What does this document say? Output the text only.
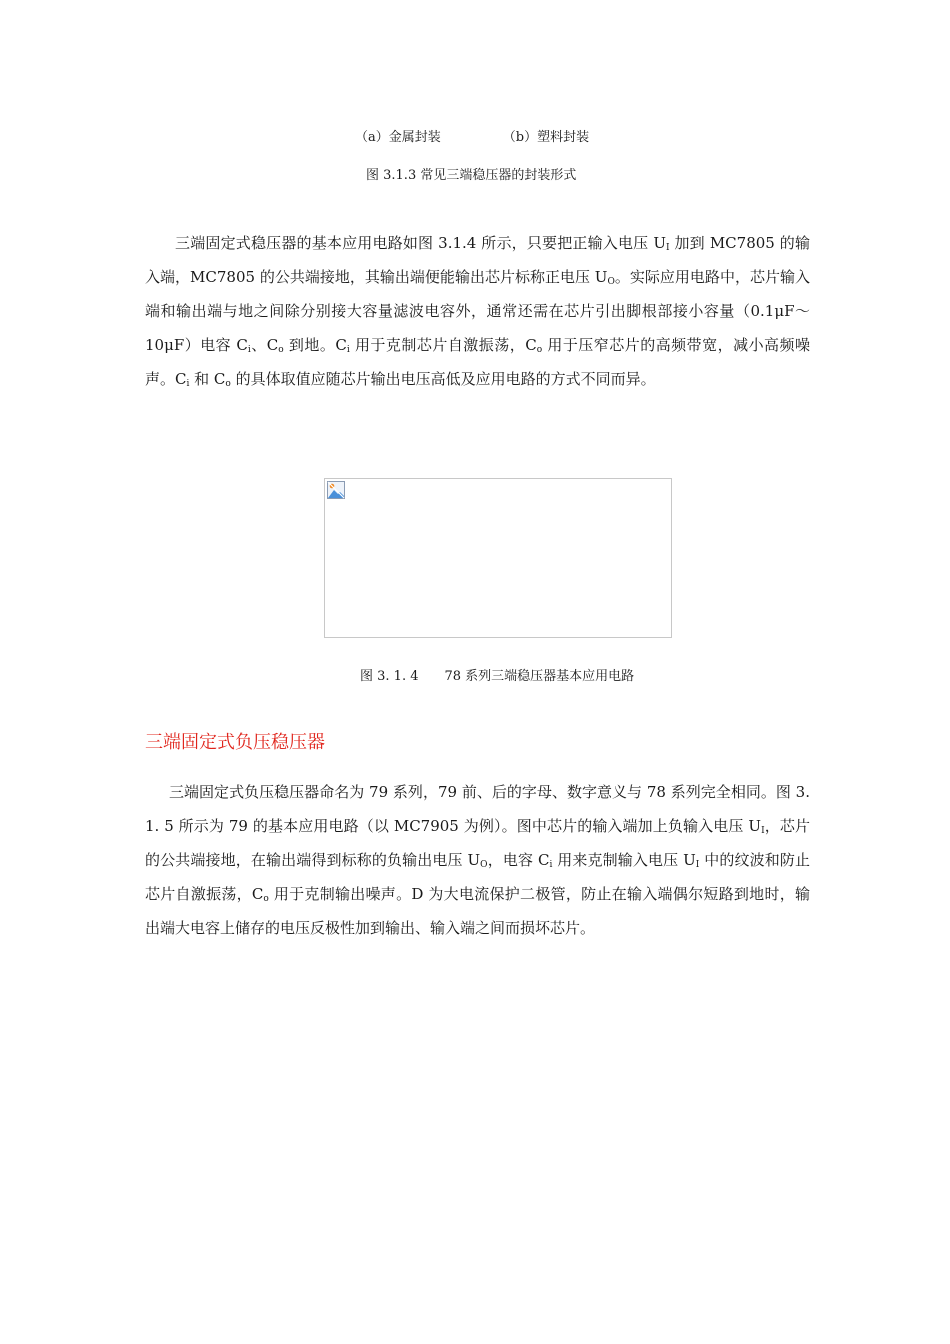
（a）金属封装	（b）塑料封装
图 3.1.3 常见三端稳压器的封装形式
三端固定式稳压器的基本应用电路如图 3.1.4 所示，只要把正输入电压 $U_I$ 加到 MC7805 的输入端，MC7805 的公共端接地，其输出端便能输出芯片标称正电压 $U_O$。实际应用电路中，芯片输入端和输出端与地之间除分别接大容量滤波电容外，通常还需在芯片引出脚根部接小容量（0.1μF～10μF）电容 $C_i$、$C_o$ 到地。$C_i$ 用于克制芯片自激振荡，$C_o$ 用于压窄芯片的高频带宽，减小高频噪声。$C_i$ 和 $C_o$ 的具体取值应随芯片输出电压高低及应用电路的方式不同而异。
图 3. 1. 4 78 系列三端稳压器基本应用电路
三端固定式负压稳压器
三端固定式负压稳压器命名为 79 系列，79 前、后的字母、数字意义与 78 系列完全相同。图 3. 1. 5 所示为 79 的基本应用电路（以 MC7905 为例）。图中芯片的输入端加上负输入电压 $U_I$，芯片的公共端接地，在输出端得到标称的负输出电压 $U_O$，电容 $C_i$ 用来克制输入电压 $U_I$ 中的纹波和防止芯片自激振荡，$C_o$ 用于克制输出噪声。D 为大电流保护二极管，防止在输入端偶尔短路到地时，输出端大电容上储存的电压反极性加到输出、输入端之间而损坏芯片。
